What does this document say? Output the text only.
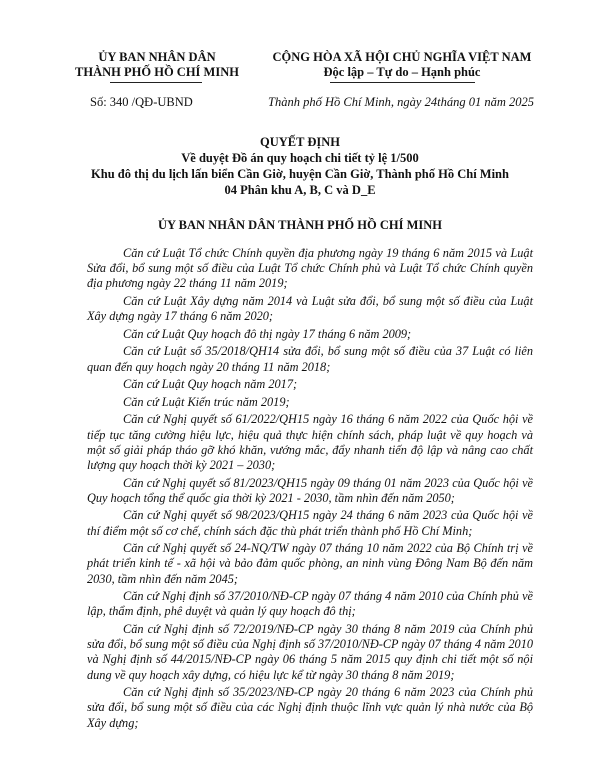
ỦY BAN NHÂN DÂN
THÀNH PHỐ HỒ CHÍ MINH
CỘNG HÒA XÃ HỘI CHỦ NGHĨA VIỆT NAM
Độc lập – Tự do – Hạnh phúc
Số: 340 /QĐ-UBND	Thành phố Hồ Chí Minh, ngày 24tháng 01 năm 2025
QUYẾT ĐỊNH
Về duyệt Đồ án quy hoạch chi tiết tỷ lệ 1/500
Khu đô thị du lịch lấn biển Cần Giờ, huyện Cần Giờ, Thành phố Hồ Chí Minh
04 Phân khu A, B, C và D_E
ỦY BAN NHÂN DÂN THÀNH PHỐ HỒ CHÍ MINH

Căn cứ Luật Tổ chức Chính quyền địa phương ngày 19 tháng 6 năm 2015 và Luật Sửa đổi, bổ sung một số điều của Luật Tổ chức Chính phủ và Luật Tổ chức Chính quyền địa phương ngày 22 tháng 11 năm 2019;

Căn cứ Luật Xây dựng năm 2014 và Luật sửa đổi, bổ sung một số điều của Luật Xây dựng ngày 17 tháng 6 năm 2020;

Căn cứ Luật Quy hoạch đô thị ngày 17 tháng 6 năm 2009;

Căn cứ Luật số 35/2018/QH14 sửa đổi, bổ sung một số điều của 37 Luật có liên quan đến quy hoạch ngày 20 tháng 11 năm 2018;

Căn cứ Luật Quy hoạch năm 2017;

Căn cứ Luật Kiến trúc năm 2019;

Căn cứ Nghị quyết số 61/2022/QH15 ngày 16 tháng 6 năm 2022 của Quốc hội về tiếp tục tăng cường hiệu lực, hiệu quả thực hiện chính sách, pháp luật về quy hoạch và một số giải pháp tháo gỡ khó khăn, vướng mắc, đẩy nhanh tiến độ lập và nâng cao chất lượng quy hoạch thời kỳ 2021 – 2030;

Căn cứ Nghị quyết số 81/2023/QH15 ngày 09 tháng 01 năm 2023 của Quốc hội về Quy hoạch tổng thể quốc gia thời kỳ 2021 - 2030, tầm nhìn đến năm 2050;

Căn cứ Nghị quyết số 98/2023/QH15 ngày 24 tháng 6 năm 2023 của Quốc hội về thí điểm một số cơ chế, chính sách đặc thù phát triển thành phố Hồ Chí Minh;

Căn cứ Nghị quyết số 24-NQ/TW ngày 07 tháng 10 năm 2022 của Bộ Chính trị về phát triển kinh tế - xã hội và bảo đảm quốc phòng, an ninh vùng Đông Nam Bộ đến năm 2030, tầm nhìn đến năm 2045;

Căn cứ Nghị định số 37/2010/NĐ-CP ngày 07 tháng 4 năm 2010 của Chính phủ về lập, thẩm định, phê duyệt và quản lý quy hoạch đô thị;

Căn cứ Nghị định số 72/2019/NĐ-CP ngày 30 tháng 8 năm 2019 của Chính phủ sửa đổi, bổ sung một số điều của Nghị định số 37/2010/NĐ-CP ngày 07 tháng 4 năm 2010 và Nghị định số 44/2015/NĐ-CP ngày 06 tháng 5 năm 2015 quy định chi tiết một số nội dung về quy hoạch xây dựng, có hiệu lực kể từ ngày 30 tháng 8 năm 2019;

Căn cứ Nghị định số 35/2023/NĐ-CP ngày 20 tháng 6 năm 2023 của Chính phủ sửa đổi, bổ sung một số điều của các Nghị định thuộc lĩnh vực quản lý nhà nước của Bộ Xây dựng;
